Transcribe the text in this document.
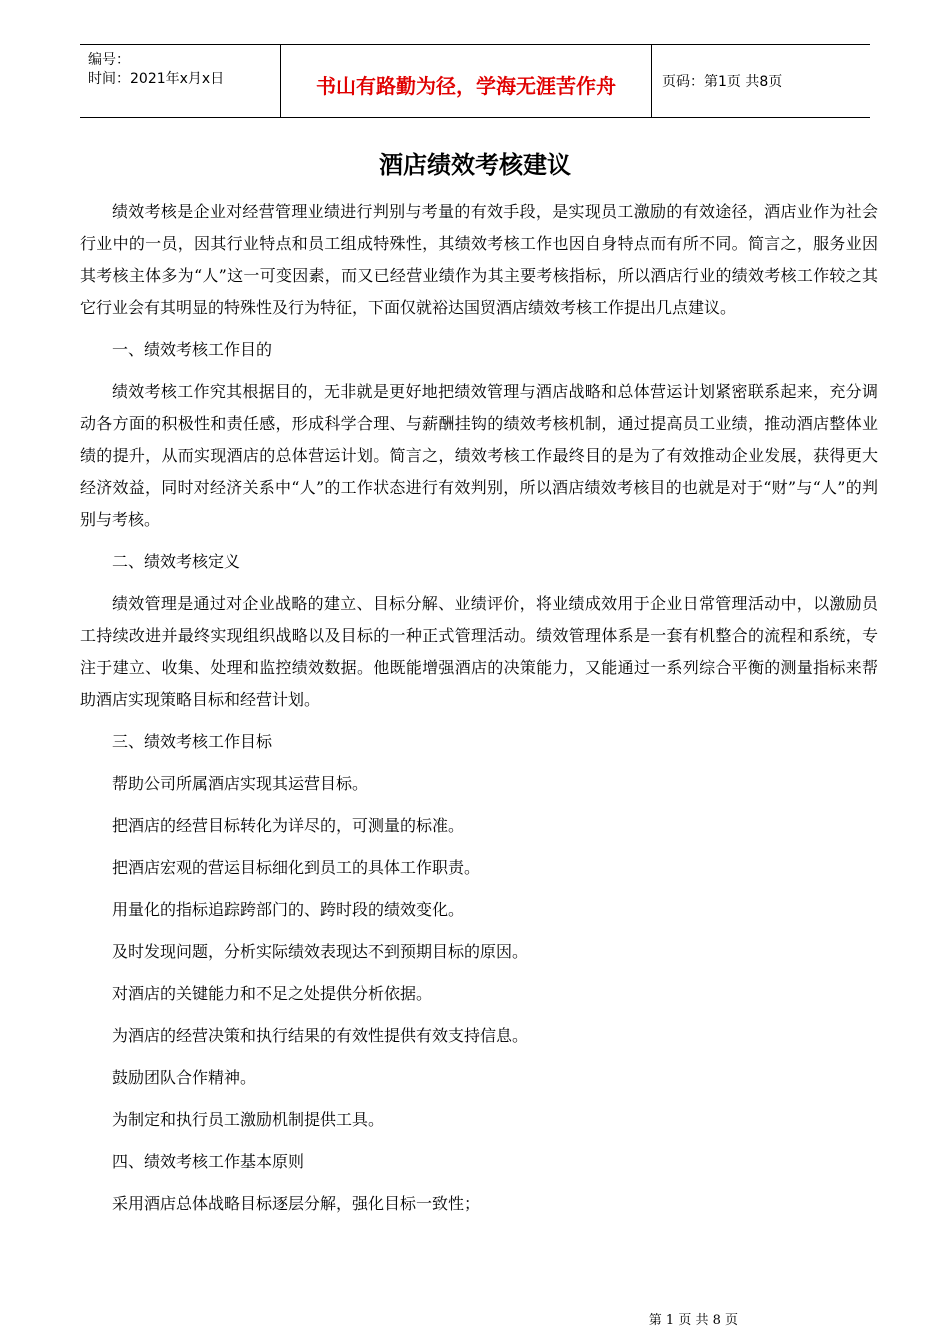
编号：
时间：2021年x月x日	书山有路勤为径，学海无涯苦作舟	页码：第1页 共8页
酒店绩效考核建议

绩效考核是企业对经营管理业绩进行判别与考量的有效手段，是实现员工激励的有效途径，酒店业作为社会行业中的一员，因其行业特点和员工组成特殊性，其绩效考核工作也因自身特点而有所不同。简言之，服务业因其考核主体多为“人”这一可变因素，而又已经营业绩作为其主要考核指标，所以酒店行业的绩效考核工作较之其它行业会有其明显的特殊性及行为特征，下面仅就裕达国贸酒店绩效考核工作提出几点建议。

一、绩效考核工作目的

绩效考核工作究其根据目的，无非就是更好地把绩效管理与酒店战略和总体营运计划紧密联系起来，充分调动各方面的积极性和责任感，形成科学合理、与薪酬挂钩的绩效考核机制，通过提高员工业绩，推动酒店整体业绩的提升，从而实现酒店的总体营运计划。简言之，绩效考核工作最终目的是为了有效推动企业发展，获得更大经济效益，同时对经济关系中“人”的工作状态进行有效判别，所以酒店绩效考核目的也就是对于“财”与“人”的判别与考核。

二、绩效考核定义

绩效管理是通过对企业战略的建立、目标分解、业绩评价，将业绩成效用于企业日常管理活动中，以激励员工持续改进并最终实现组织战略以及目标的一种正式管理活动。绩效管理体系是一套有机整合的流程和系统，专注于建立、收集、处理和监控绩效数据。他既能增强酒店的决策能力，又能通过一系列综合平衡的测量指标来帮助酒店实现策略目标和经营计划。

三、绩效考核工作目标

帮助公司所属酒店实现其运营目标。

把酒店的经营目标转化为详尽的，可测量的标准。

把酒店宏观的营运目标细化到员工的具体工作职责。

用量化的指标追踪跨部门的、跨时段的绩效变化。

及时发现问题，分析实际绩效表现达不到预期目标的原因。

对酒店的关键能力和不足之处提供分析依据。

为酒店的经营决策和执行结果的有效性提供有效支持信息。

鼓励团队合作精神。

为制定和执行员工激励机制提供工具。

四、绩效考核工作基本原则

采用酒店总体战略目标逐层分解，强化目标一致性；

第 1 页 共 8 页
